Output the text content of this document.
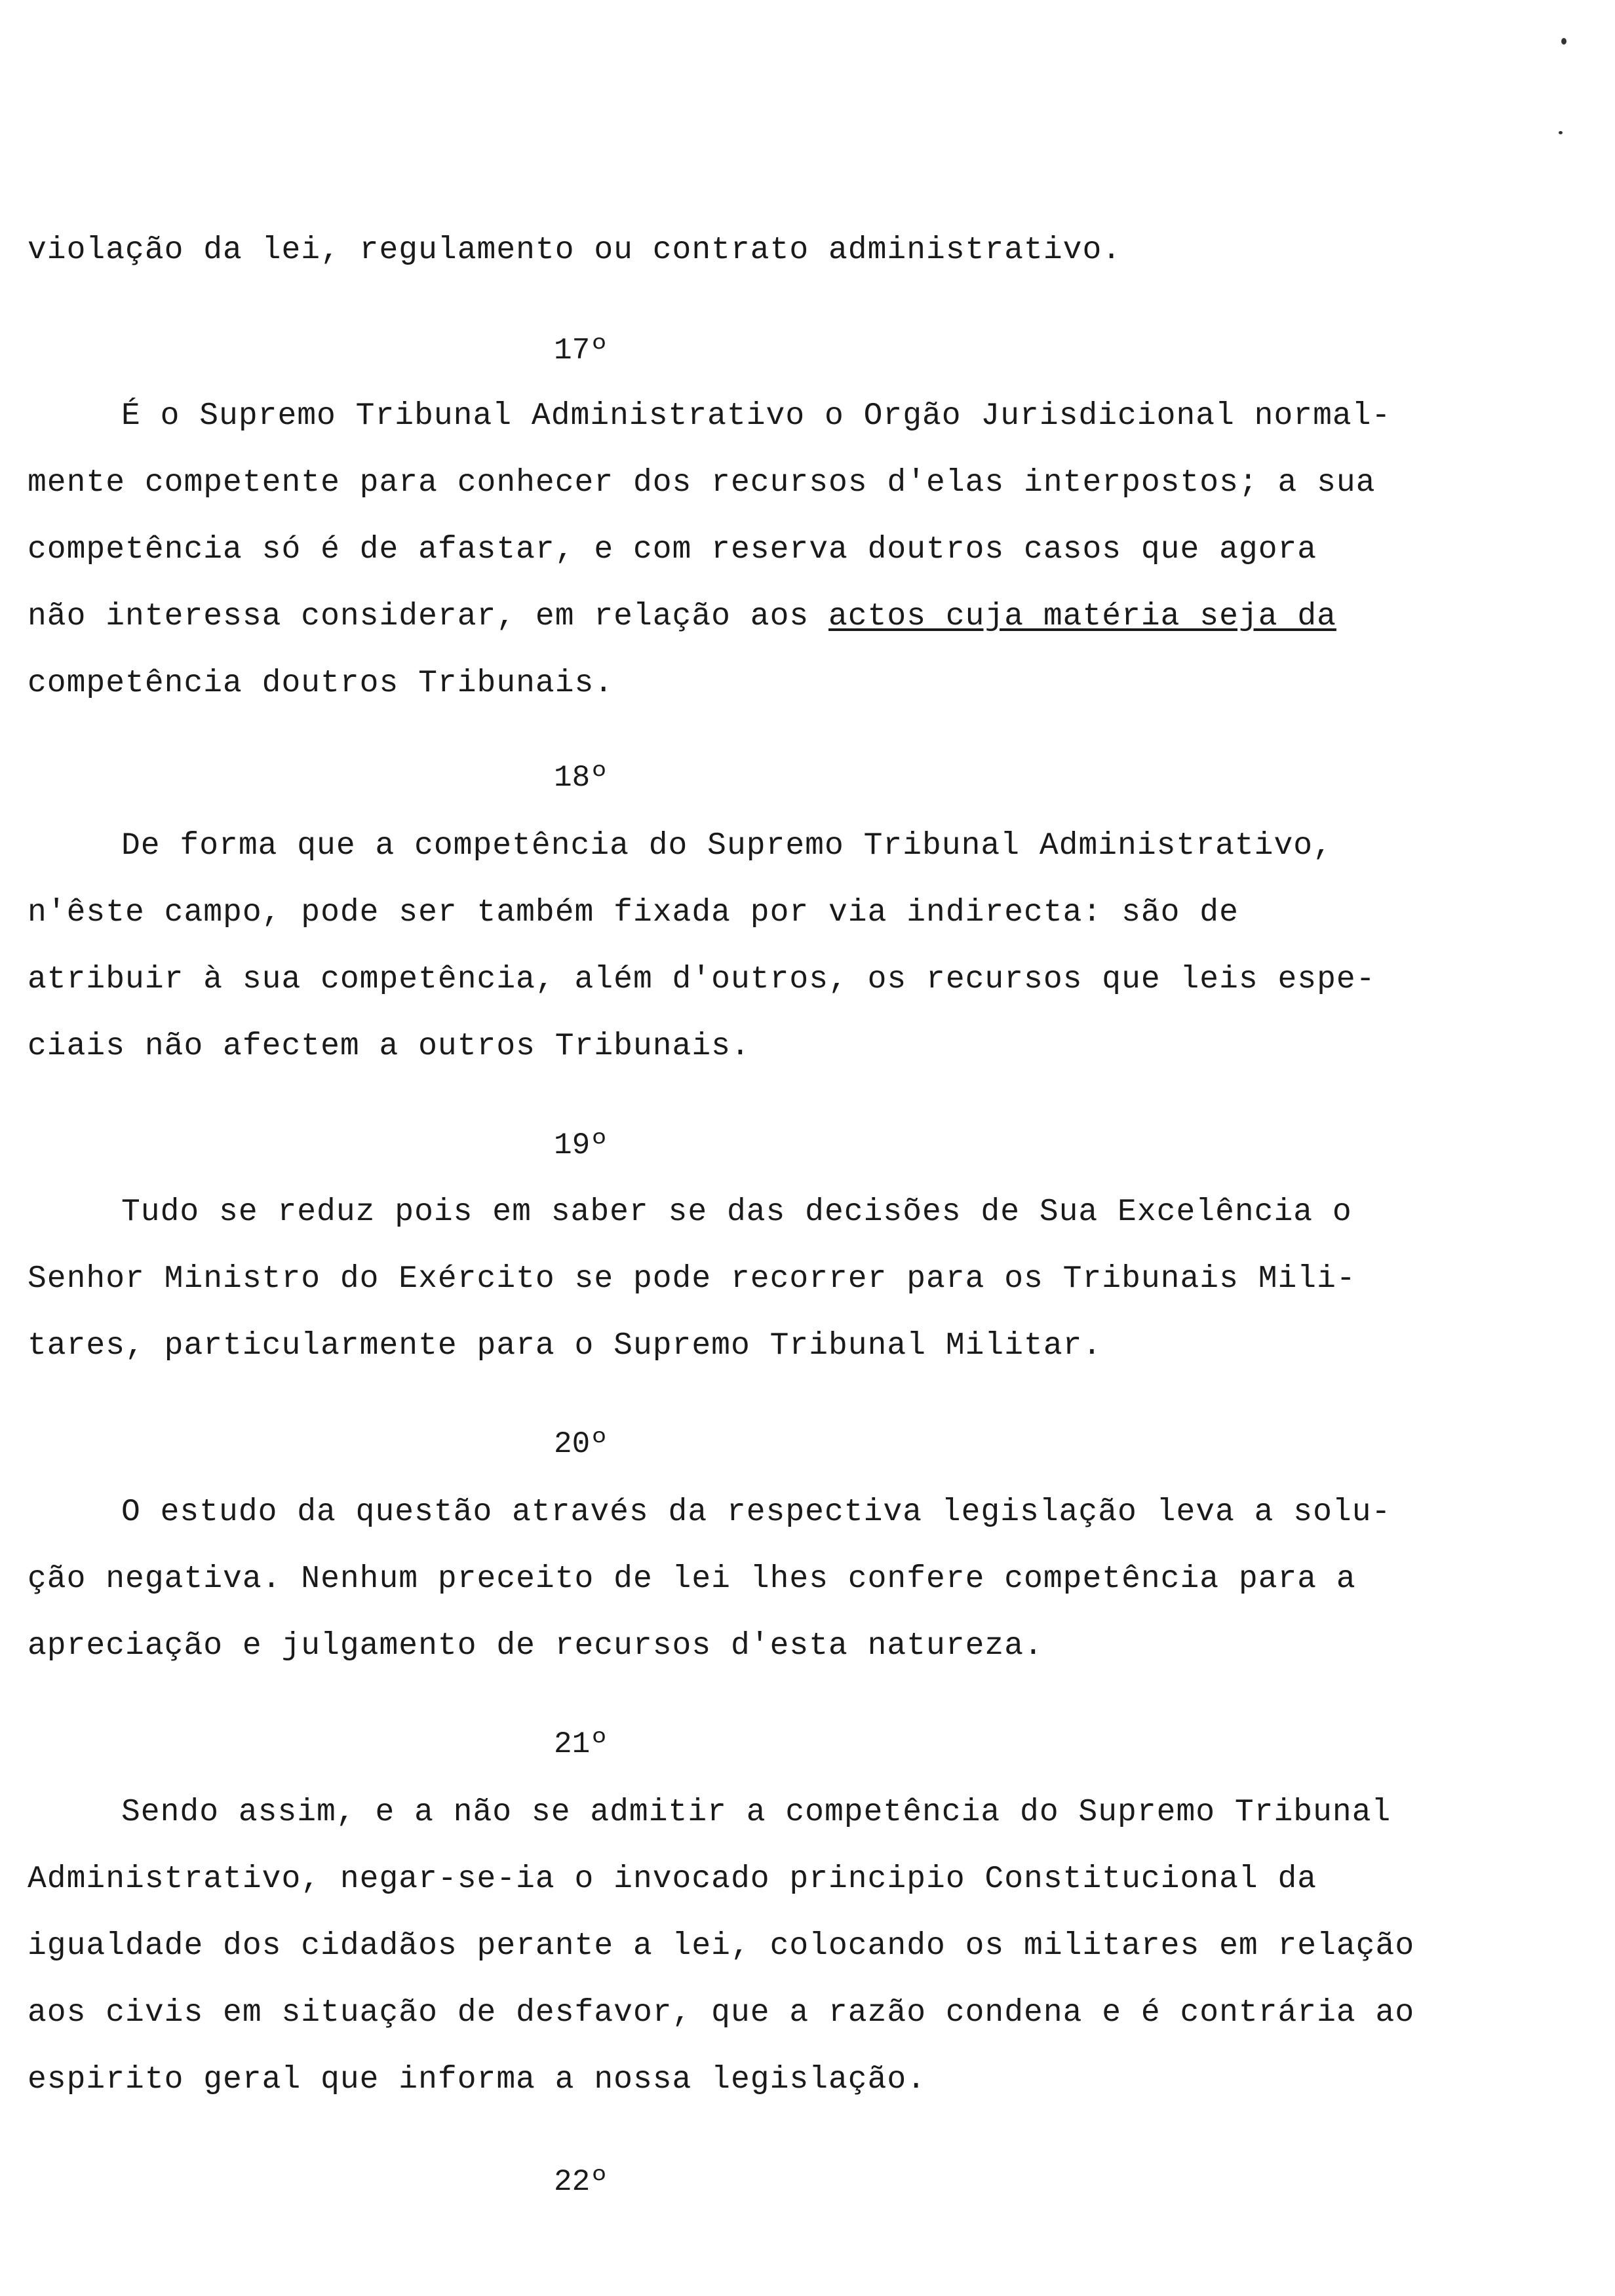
violação da lei, regulamento ou contrato administrativo.
17º
É o Supremo Tribunal Administrativo o Orgão Jurisdicional normal-
mente competente para conhecer dos recursos d'elas interpostos; a sua
competência só é de afastar, e com reserva doutros casos que agora
não interessa considerar, em relação aos actos cuja matéria seja da
competência doutros Tribunais.
18º
De forma que a competência do Supremo Tribunal Administrativo,
n'êste campo, pode ser também fixada por via indirecta: são de
atribuir à sua competência, além d'outros, os recursos que leis espe-
ciais não afectem a outros Tribunais.
19º
Tudo se reduz pois em saber se das decisões de Sua Excelência o
Senhor Ministro do Exército se pode recorrer para os Tribunais Mili-
tares, particularmente para o Supremo Tribunal Militar.
20º
O estudo da questão através da respectiva legislação leva a solu-
ção negativa. Nenhum preceito de lei lhes confere competência para a
apreciação e julgamento de recursos d'esta natureza.
21º
Sendo assim, e a não se admitir a competência do Supremo Tribunal
Administrativo, negar-se-ia o invocado principio Constitucional da
igualdade dos cidadãos perante a lei, colocando os militares em relação
aos civis em situação de desfavor, que a razão condena e é contrária ao
espirito geral que informa a nossa legislação.
22º
